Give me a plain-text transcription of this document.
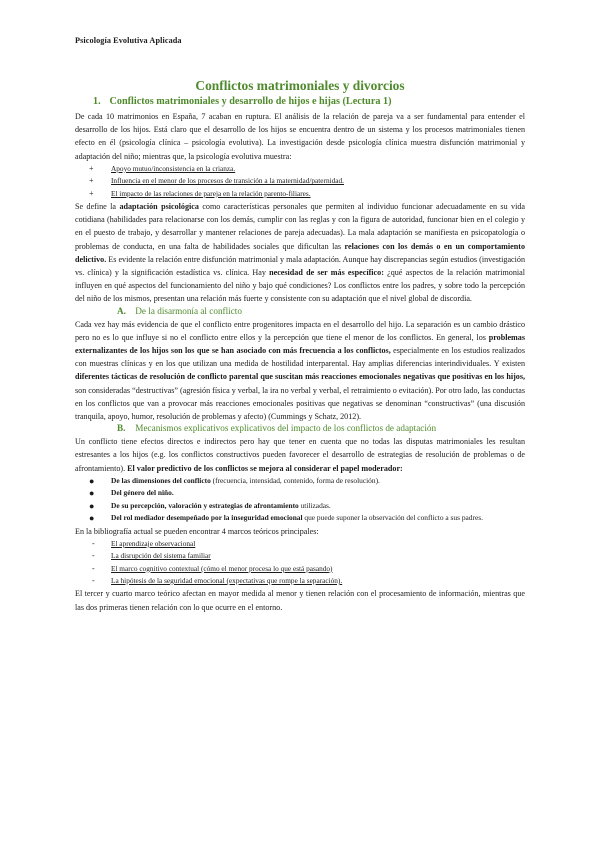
Psicología Evolutiva Aplicada
Conflictos matrimoniales y divorcios
1. Conflictos matrimoniales y desarrollo de hijos e hijas (Lectura 1)

De cada 10 matrimonios en España, 7 acaban en ruptura. El análisis de la relación de pareja va a ser fundamental para entender el desarrollo de los hijos. Está claro que el desarrollo de los hijos se encuentra dentro de un sistema y los procesos matrimoniales tienen efecto en él (psicología clínica – psicología evolutiva). La investigación desde psicología clínica muestra disfunción matrimonial y adaptación del niño; mientras que, la psicología evolutiva muestra:

+ Apoyo mutuo/inconsistencia en la crianza.
+ Influencia en el menor de los procesos de transición a la maternidad/paternidad.
+ El impacto de las relaciones de pareja en la relación parento-filiares.

Se define la adaptación psicológica como características personales que permiten al individuo funcionar adecuadamente en su vida cotidiana (habilidades para relacionarse con los demás, cumplir con las reglas y con la figura de autoridad, funcionar bien en el colegio y en el puesto de trabajo, y desarrollar y mantener relaciones de pareja adecuadas). La mala adaptación se manifiesta en psicopatología o problemas de conducta, en una falta de habilidades sociales que dificultan las relaciones con los demás o en un comportamiento delictivo. Es evidente la relación entre disfunción matrimonial y mala adaptación. Aunque hay discrepancias según estudios (investigación vs. clínica) y la significación estadística vs. clínica. Hay necesidad de ser más específico: ¿qué aspectos de la relación matrimonial influyen en qué aspectos del funcionamiento del niño y bajo qué condiciones? Los conflictos entre los padres, y sobre todo la percepción del niño de los mismos, presentan una relación más fuerte y consistente con su adaptación que el nivel global de discordia.

A. De la disarmonía al conflicto

Cada vez hay más evidencia de que el conflicto entre progenitores impacta en el desarrollo del hijo. La separación es un cambio drástico pero no es lo que influye si no el conflicto entre ellos y la percepción que tiene el menor de los conflictos. En general, los problemas externalizantes de los hijos son los que se han asociado con más frecuencia a los conflictos, especialmente en los estudios realizados con muestras clínicas y en los que utilizan una medida de hostilidad interparental. Hay amplias diferencias interindividuales. Y existen diferentes tácticas de resolución de conflicto parental que suscitan más reacciones emocionales negativas que positivas en los hijos, son consideradas “destructivas” (agresión física y verbal, la ira no verbal y verbal, el retraimiento o evitación). Por otro lado, las conductas en los conflictos que van a provocar más reacciones emocionales positivas que negativas se denominan “constructivas” (una discusión tranquila, apoyo, humor, resolución de problemas y afecto) (Cummings y Schatz, 2012).

B. Mecanismos explicativos explicativos del impacto de los conflictos de adaptación

Un conflicto tiene efectos directos e indirectos pero hay que tener en cuenta que no todas las disputas matrimoniales les resultan estresantes a los hijos (e.g. los conflictos constructivos pueden favorecer el desarrollo de estrategias de resolución de problemas o de afrontamiento). El valor predictivo de los conflictos se mejora al considerar el papel moderador:

● De las dimensiones del conflicto (frecuencia, intensidad, contenido, forma de resolución).
● Del género del niño.
● De su percepción, valoración y estrategias de afrontamiento utilizadas.
● Del rol mediador desempeñado por la inseguridad emocional que puede suponer la observación del conflicto a sus padres.

En la bibliografía actual se pueden encontrar 4 marcos teóricos principales:

- El aprendizaje observacional
- La disrupción del sistema familiar
- El marco cognitivo contextual (cómo el menor procesa lo que está pasando)
- La hipótesis de la seguridad emocional (expectativas que rompe la separación).

El tercer y cuarto marco teórico afectan en mayor medida al menor y tienen relación con el procesamiento de información, mientras que las dos primeras tienen relación con lo que ocurre en el entorno.
